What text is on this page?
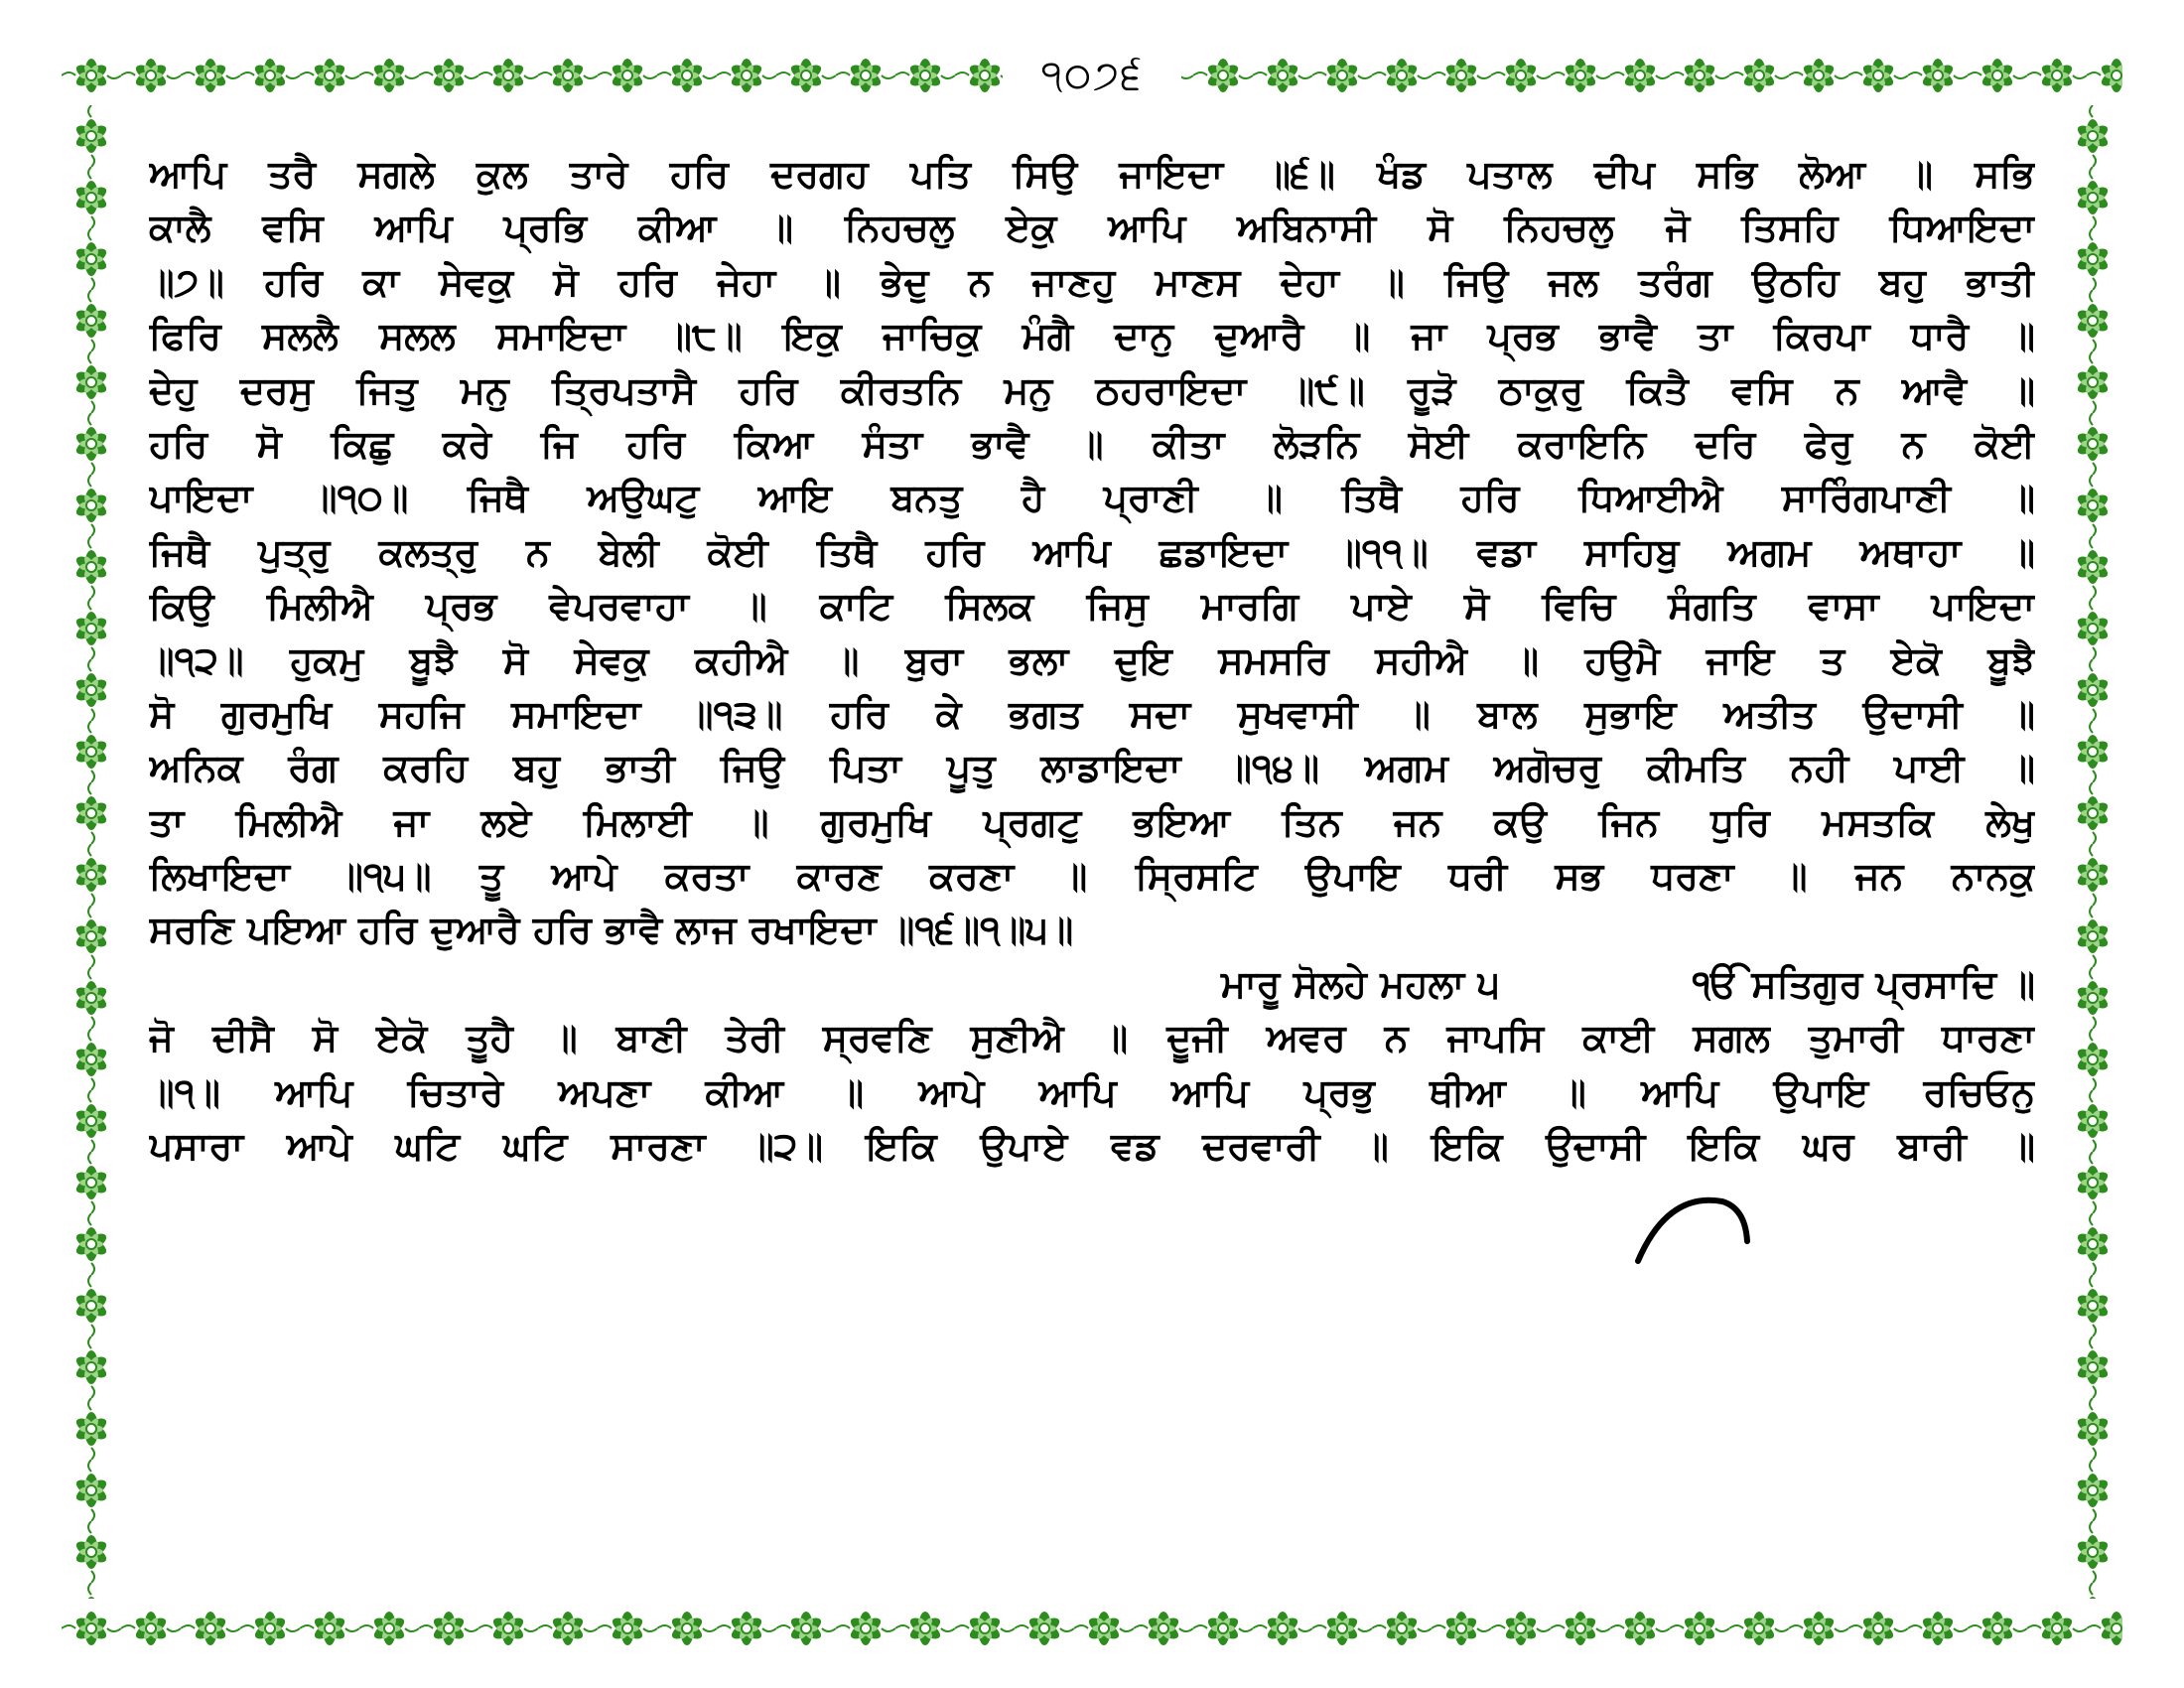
੧੦੭੬
ਆਪਿ ਤਰੈ ਸਗਲੇ ਕੁਲ ਤਾਰੇ ਹਰਿ ਦਰਗਹ ਪਤਿ ਸਿਉ ਜਾਇਦਾ ॥੬॥ ਖੰਡ ਪਤਾਲ ਦੀਪ ਸਭਿ ਲੋਆ ॥ ਸਭਿ
ਕਾਲੈ ਵਸਿ ਆਪਿ ਪ੍ਰਭਿ ਕੀਆ ॥ ਨਿਹਚਲੁ ਏਕੁ ਆਪਿ ਅਬਿਨਾਸੀ ਸੋ ਨਿਹਚਲੁ ਜੋ ਤਿਸਹਿ ਧਿਆਇਦਾ
॥੭॥ ਹਰਿ ਕਾ ਸੇਵਕੁ ਸੋ ਹਰਿ ਜੇਹਾ ॥ ਭੇਦੁ ਨ ਜਾਣਹੁ ਮਾਣਸ ਦੇਹਾ ॥ ਜਿਉ ਜਲ ਤਰੰਗ ਉਠਹਿ ਬਹੁ ਭਾਤੀ
ਫਿਰਿ ਸਲਲੈ ਸਲਲ ਸਮਾਇਦਾ ॥੮॥ ਇਕੁ ਜਾਚਿਕੁ ਮੰਗੈ ਦਾਨੁ ਦੁਆਰੈ ॥ ਜਾ ਪ੍ਰਭ ਭਾਵੈ ਤਾ ਕਿਰਪਾ ਧਾਰੈ ॥
ਦੇਹੁ ਦਰਸੁ ਜਿਤੁ ਮਨੁ ਤ੍ਰਿਪਤਾਸੈ ਹਰਿ ਕੀਰਤਨਿ ਮਨੁ ਠਹਰਾਇਦਾ ॥੯॥ ਰੂੜੋ ਠਾਕੁਰੁ ਕਿਤੈ ਵਸਿ ਨ ਆਵੈ ॥
ਹਰਿ ਸੋ ਕਿਛੁ ਕਰੇ ਜਿ ਹਰਿ ਕਿਆ ਸੰਤਾ ਭਾਵੈ ॥ ਕੀਤਾ ਲੋੜਨਿ ਸੋਈ ਕਰਾਇਨਿ ਦਰਿ ਫੇਰੁ ਨ ਕੋਈ
ਪਾਇਦਾ ॥੧੦॥ ਜਿਥੈ ਅਉਘਟੁ ਆਇ ਬਨਤੁ ਹੈ ਪ੍ਰਾਣੀ ॥ ਤਿਥੈ ਹਰਿ ਧਿਆਈਐ ਸਾਰਿੰਗਪਾਣੀ ॥
ਜਿਥੈ ਪੁਤ੍ਰੁ ਕਲਤ੍ਰੁ ਨ ਬੇਲੀ ਕੋਈ ਤਿਥੈ ਹਰਿ ਆਪਿ ਛਡਾਇਦਾ ॥੧੧॥ ਵਡਾ ਸਾਹਿਬੁ ਅਗਮ ਅਥਾਹਾ ॥
ਕਿਉ ਮਿਲੀਐ ਪ੍ਰਭ ਵੇਪਰਵਾਹਾ ॥ ਕਾਟਿ ਸਿਲਕ ਜਿਸੁ ਮਾਰਗਿ ਪਾਏ ਸੋ ਵਿਚਿ ਸੰਗਤਿ ਵਾਸਾ ਪਾਇਦਾ
॥੧੨॥ ਹੁਕਮੁ ਬੂਝੈ ਸੋ ਸੇਵਕੁ ਕਹੀਐ ॥ ਬੁਰਾ ਭਲਾ ਦੁਇ ਸਮਸਰਿ ਸਹੀਐ ॥ ਹਉਮੈ ਜਾਇ ਤ ਏਕੋ ਬੂਝੈ
ਸੋ ਗੁਰਮੁਖਿ ਸਹਜਿ ਸਮਾਇਦਾ ॥੧੩॥ ਹਰਿ ਕੇ ਭਗਤ ਸਦਾ ਸੁਖਵਾਸੀ ॥ ਬਾਲ ਸੁਭਾਇ ਅਤੀਤ ਉਦਾਸੀ ॥
ਅਨਿਕ ਰੰਗ ਕਰਹਿ ਬਹੁ ਭਾਤੀ ਜਿਉ ਪਿਤਾ ਪੂਤੁ ਲਾਡਾਇਦਾ ॥੧੪॥ ਅਗਮ ਅਗੋਚਰੁ ਕੀਮਤਿ ਨਹੀ ਪਾਈ ॥
ਤਾ ਮਿਲੀਐ ਜਾ ਲਏ ਮਿਲਾਈ ॥ ਗੁਰਮੁਖਿ ਪ੍ਰਗਟੁ ਭਇਆ ਤਿਨ ਜਨ ਕਉ ਜਿਨ ਧੁਰਿ ਮਸਤਕਿ ਲੇਖੁ
ਲਿਖਾਇਦਾ ॥੧੫॥ ਤੂ ਆਪੇ ਕਰਤਾ ਕਾਰਣ ਕਰਣਾ ॥ ਸ੍ਰਿਸਟਿ ਉਪਾਇ ਧਰੀ ਸਭ ਧਰਣਾ ॥ ਜਨ ਨਾਨਕੁ
ਸਰਣਿ ਪਇਆ ਹਰਿ ਦੁਆਰੈ ਹਰਿ ਭਾਵੈ ਲਾਜ ਰਖਾਇਦਾ ॥੧੬॥੧॥੫॥
ਮਾਰੂ ਸੋਲਹੇ ਮਹਲਾ ੫	ੴ ਸਤਿਗੁਰ ਪ੍ਰਸਾਦਿ ॥
ਜੋ ਦੀਸੈ ਸੋ ਏਕੋ ਤੂਹੈ ॥ ਬਾਣੀ ਤੇਰੀ ਸ੍ਰਵਣਿ ਸੁਣੀਐ ॥ ਦੂਜੀ ਅਵਰ ਨ ਜਾਪਸਿ ਕਾਈ ਸਗਲ ਤੁਮਾਰੀ ਧਾਰਣਾ
॥੧॥ ਆਪਿ ਚਿਤਾਰੇ ਅਪਣਾ ਕੀਆ ॥ ਆਪੇ ਆਪਿ ਆਪਿ ਪ੍ਰਭੁ ਥੀਆ ॥ ਆਪਿ ਉਪਾਇ ਰਚਿਓਨੁ
ਪਸਾਰਾ ਆਪੇ ਘਟਿ ਘਟਿ ਸਾਰਣਾ ॥੨॥ ਇਕਿ ਉਪਾਏ ਵਡ ਦਰਵਾਰੀ ॥ ਇਕਿ ਉਦਾਸੀ ਇਕਿ ਘਰ ਬਾਰੀ ॥
